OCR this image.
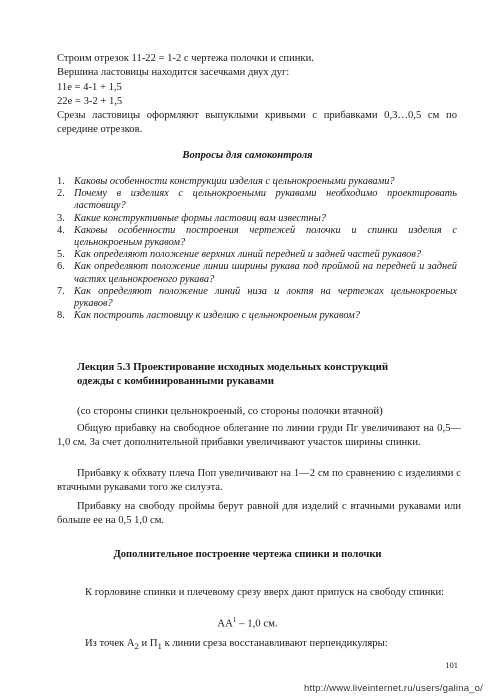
Строим отрезок 11-22 = 1-2 с чертежа полочки и спинки.
Вершина ластовицы находится засечками двух дуг:
11e = 4-1 + 1,5
22e = 3-2 + 1,5
Срезы ластовицы оформляют выпуклыми кривыми с прибавками 0,3…0,5 см по середине отрезков.
Вопросы для самоконтроля
1. Каковы особенности конструкции изделия с цельнокроеными рукавами?
2. Почему в изделиях с цельнокроеными рукавами необходимо проектировать ластовицу?
3. Какие конструктивные формы ластовиц вам известны?
4. Каковы особенности построения чертежей полочки и спинки изделия с цельнокроеным рукавом?
5. Как определяют положение верхних линий передней и задней частей рукавов?
6. Как определяют положение линии ширины рукава под проймой на передней и задней частях цельнокроеного рукава?
7. Как определяют положение линий низа и локтя на чертежах цельнокроеных рукавов?
8. Как построить ластовицу к изделию с цельнокроеным рукавом?
Лекция 5.3 Проектирование исходных модельных конструкций
одежды с комбинированными рукавами
(со стороны спинки цельнокроеный, со стороны полочки втачной)
Общую прибавку на свободное облегание по линии груди Пг увеличивают на 0,5—1,0 см. За счет дополнительной прибавки увеличивают участок ширины спинки.
Прибавку к обхвату плеча Поп увеличивают на 1—2 см по сравнению с изделиями с втачными рукавами того же силуэта.
Прибавку на свободу проймы берут равной для изделий с втачными рукавами или больше ее на 0,5 1,0 см.
Дополнительное построение чертежа спинки и полочки
К горловине спинки и плечевому срезу вверх дают припуск на свободу спинки:
$AA^1 - 1,0$ см.
Из точек $А_2$ и $П_1$ к линии среза восстанавливают перпендикуляры:
101
http://www.liveinternet.ru/users/galina_o/
